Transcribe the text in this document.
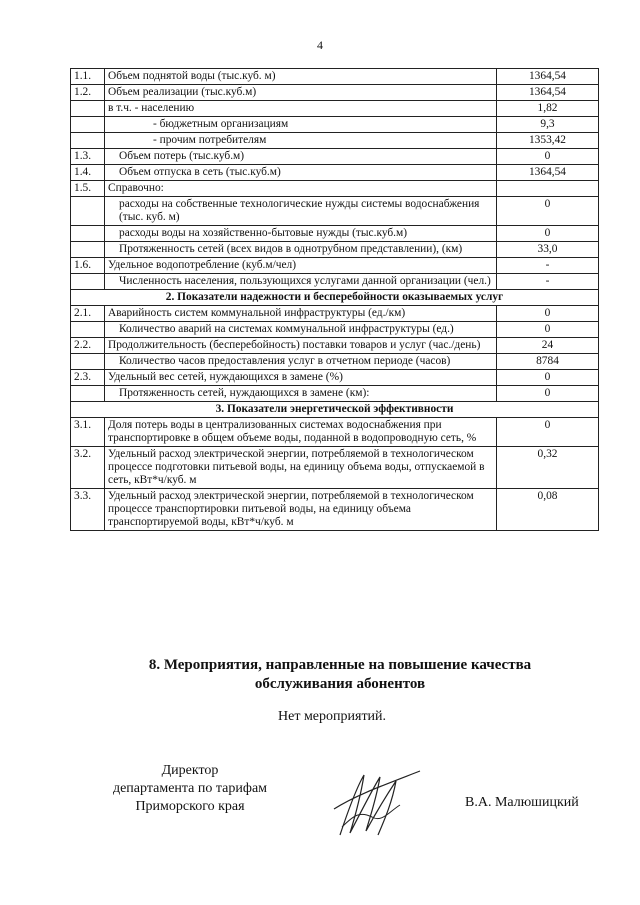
4
1.1.	Объем поднятой воды (тыс.куб. м)	1364,54
1.2.	Объем реализации (тыс.куб.м)	1364,54
	в т.ч. - населению	1,82
	- бюджетным организациям	9,3
	- прочим потребителям	1353,42
1.3.	Объем потерь (тыс.куб.м)	0
1.4.	Объем отпуска в сеть (тыс.куб.м)	1364,54
1.5.	Справочно:	
	расходы на собственные технологические нужды системы водоснабжения (тыс. куб. м)	0
	расходы воды на хозяйственно-бытовые нужды (тыс.куб.м)	0
	Протяженность сетей (всех видов в однотрубном представлении), (км)	33,0
1.6.	Удельное водопотребление (куб.м/чел)	-
	Численность населения, пользующихся услугами данной организации (чел.)	-
2. Показатели надежности и бесперебойности оказываемых услуг		
2.1.	Аварийность систем коммунальной инфраструктуры (ед./км)	0
	Количество аварий на системах коммунальной инфраструктуры (ед.)	0
2.2.	Продолжительность (бесперебойность) поставки товаров и услуг (час./день)	24
	Количество часов предоставления услуг в отчетном периоде (часов)	8784
2.3.	Удельный вес сетей, нуждающихся в замене (%)	0
	Протяженность сетей, нуждающихся в замене (км):	0
3. Показатели энергетической эффективности		
3.1.	Доля потерь воды в централизованных системах водоснабжения при транспортировке в общем объеме воды, поданной в водопроводную сеть, %	0
3.2.	Удельный расход электрической энергии, потребляемой в технологическом процессе подготовки питьевой воды, на единицу объема воды, отпускаемой в сеть, кВт*ч/куб. м	0,32
3.3.	Удельный расход электрической энергии, потребляемой в технологическом процессе транспортировки питьевой воды, на единицу объема транспортируемой воды, кВт*ч/куб. м	0,08
8. Мероприятия, направленные на повышение качества
обслуживания абонентов
Нет мероприятий.
Директор
департамента по тарифам
Приморского края	В.А. Малюшицкий
